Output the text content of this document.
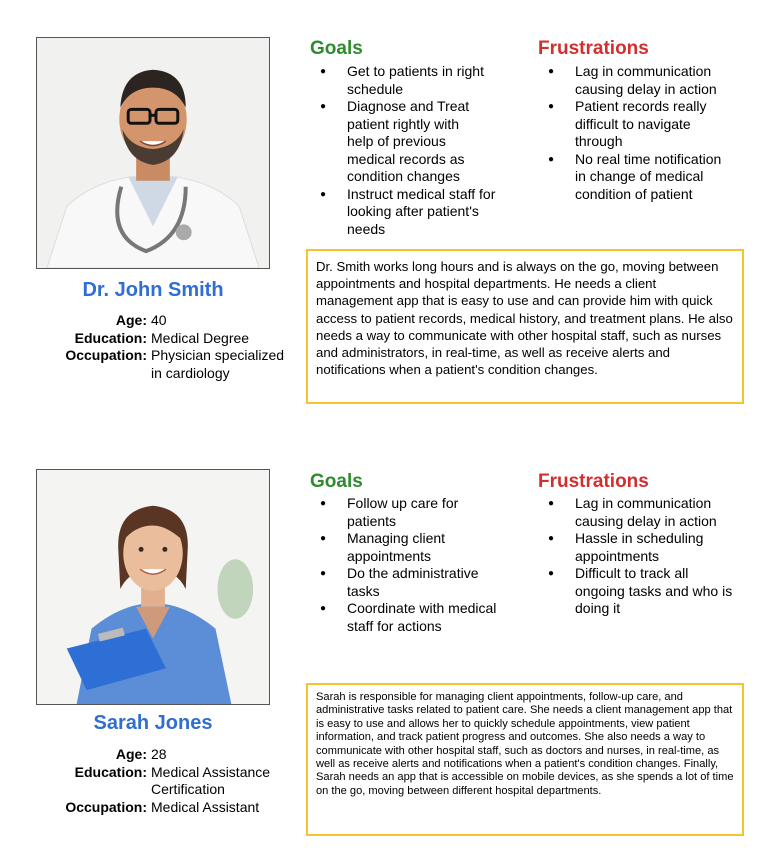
Dr. John Smith
Age: 40
Education: Medical Degree
Occupation: Physician specialized in cardiology
Goals
● Get to patients in right schedule
● Diagnose and Treat patient rightly with help of previous medical records as condition changes
● Instruct medical staff for looking after patient's needs
Frustrations
● Lag in communication causing delay in action
● Patient records really difficult to navigate through
● No real time notification in change of medical condition of patient
Dr. Smith works long hours and is always on the go, moving between appointments and hospital departments. He needs a client management app that is easy to use and can provide him with quick access to patient records, medical history, and treatment plans. He also needs a way to communicate with other hospital staff, such as nurses and administrators, in real-time, as well as receive alerts and notifications when a patient's condition changes.
Sarah Jones
Age: 28
Education: Medical Assistance Certification
Occupation: Medical Assistant
Goals
● Follow up care for patients
● Managing client appointments
● Do the administrative tasks
● Coordinate with medical staff for actions
Frustrations
● Lag in communication causing delay in action
● Hassle in scheduling appointments
● Difficult to track all ongoing tasks and who is doing it
Sarah is responsible for managing client appointments, follow-up care, and administrative tasks related to patient care. She needs a client management app that is easy to use and allows her to quickly schedule appointments, view patient information, and track patient progress and outcomes. She also needs a way to communicate with other hospital staff, such as doctors and nurses, in real-time, as well as receive alerts and notifications when a patient's condition changes. Finally, Sarah needs an app that is accessible on mobile devices, as she spends a lot of time on the go, moving between different hospital departments.
